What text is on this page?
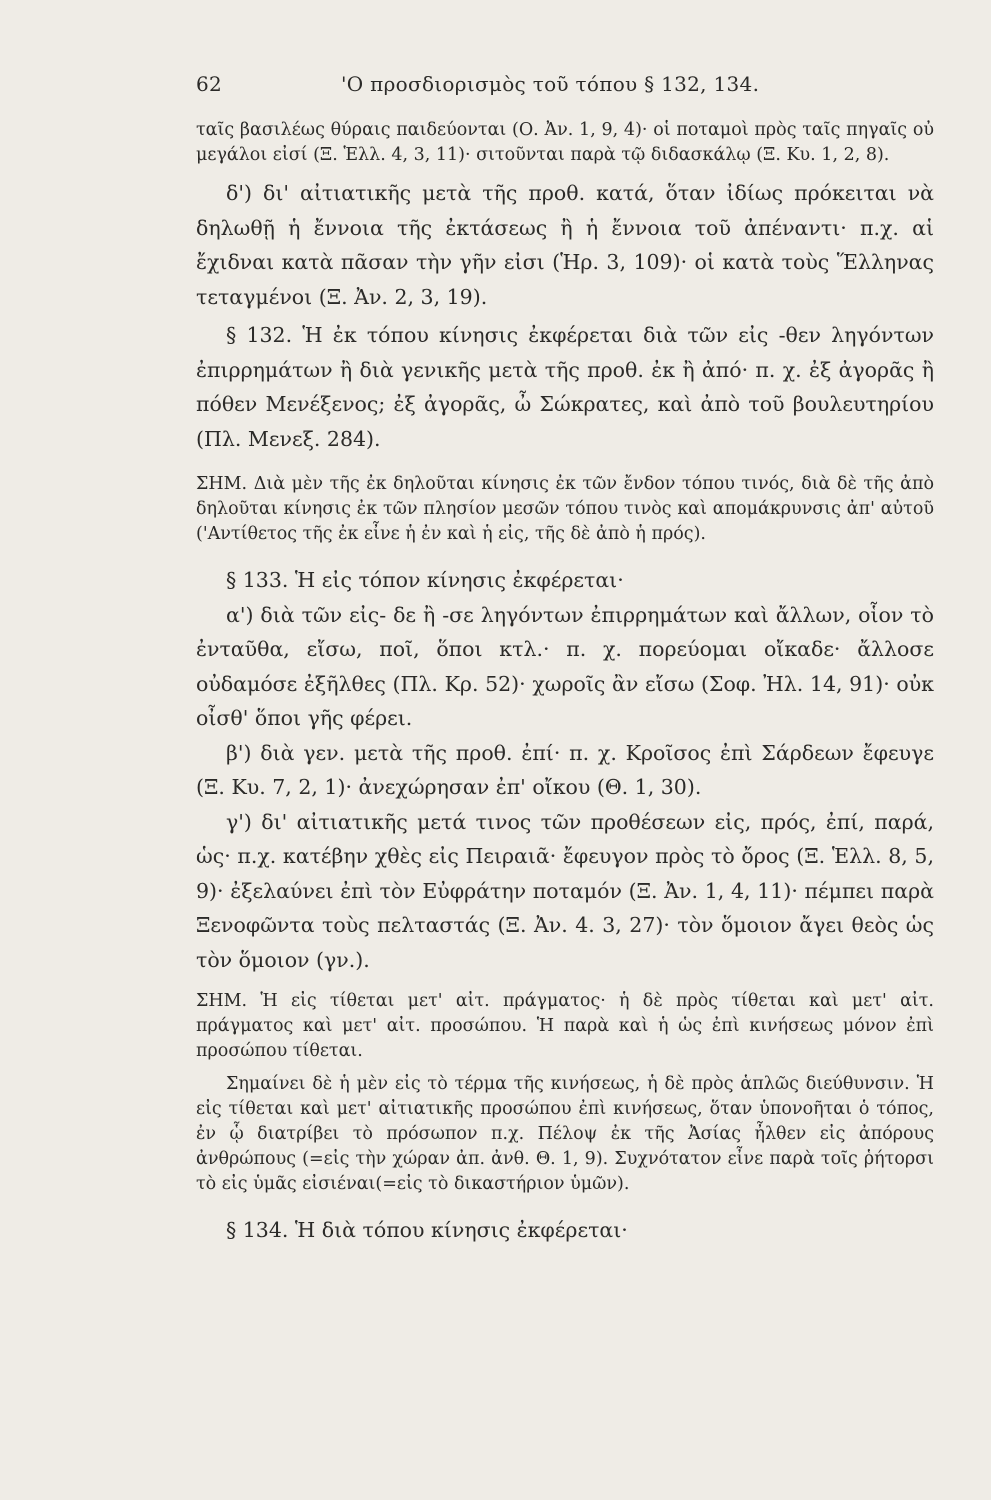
62	'Ο προσδιορισμὸς τοῦ τόπου § 132, 134.

ταῖς βασιλέως θύραις παιδεύονται (Ο. Ἀν. 1, 9, 4)· οἱ ποταμοὶ πρὸς ταῖς πηγαῖς οὐ μεγάλοι εἰσί (Ξ. Ἑλλ. 4, 3, 11)· σιτοῦνται παρὰ τῷ διδασκάλῳ (Ξ. Κυ. 1, 2, 8).

δ') δι' αἰτιατικῆς μετὰ τῆς προθ. κατά, ὅταν ἰδίως πρόκειται νὰ δηλωθῇ ἡ ἔννοια τῆς ἐκτάσεως ἢ ἡ ἔννοια τοῦ ἀπέναντι· π.χ. αἱ ἔχιδναι κατὰ πᾶσαν τὴν γῆν εἰσι (Ἡρ. 3, 109)· οἱ κατὰ τοὺς Ἕλληνας τεταγμένοι (Ξ. Ἀν. 2, 3, 19).

§ 132. Ἡ ἐκ τόπου κίνησις ἐκφέρεται διὰ τῶν εἰς -θεν ληγόντων ἐπιρρημάτων ἢ διὰ γενικῆς μετὰ τῆς προθ. ἐκ ἢ ἀπό· π. χ. ἐξ ἀγορᾶς ἢ πόθεν Μενέξενος; ἐξ ἀγορᾶς, ὦ Σώκρατες, καὶ ἀπὸ τοῦ βουλευτηρίου (Πλ. Μενεξ. 284).

ΣΗΜ. Διὰ μὲν τῆς ἐκ δηλοῦται κίνησις ἐκ τῶν ἔνδον τόπου τινός, διὰ δὲ τῆς ἀπὸ δηλοῦται κίνησις ἐκ τῶν πλησίον μεσῶν τόπου τινὸς καὶ απομάκρυνσις ἀπ' αὐτοῦ ('Αντίθετος τῆς ἐκ εἶνε ἡ ἐν καὶ ἡ εἰς, τῆς δὲ ἀπὸ ἡ πρός).

§ 133. Ἡ εἰς τόπον κίνησις ἐκφέρεται·

α') διὰ τῶν εἰς- δε ἢ -σε ληγόντων ἐπιρρημάτων καὶ ἄλλων, οἷον τὸ ἐνταῦθα, εἴσω, ποῖ, ὅποι κτλ.· π. χ. πορεύομαι οἴκαδε· ἄλλοσε οὐδαμόσε ἐξῆλθες (Πλ. Κρ. 52)· χωροῖς ἂν εἴσω (Σοφ. Ἠλ. 14, 91)· οὐκ οἶσθ' ὅποι γῆς φέρει.

β') διὰ γεν. μετὰ τῆς προθ. ἐπί· π. χ. Κροῖσος ἐπὶ Σάρδεων ἔφευγε (Ξ. Κυ. 7, 2, 1)· ἀνεχώρησαν ἐπ' οἴκου (Θ. 1, 30).

γ') δι' αἰτιατικῆς μετά τινος τῶν προθέσεων εἰς, πρός, ἐπί, παρά, ὡς· π.χ. κατέβην χθὲς εἰς Πειραιᾶ· ἔφευγον πρὸς τὸ ὄρος (Ξ. Ἑλλ. 8, 5, 9)· ἐξελαύνει ἐπὶ τὸν Εὐφράτην ποταμόν (Ξ. Ἀν. 1, 4, 11)· πέμπει παρὰ Ξενοφῶντα τοὺς πελταστάς (Ξ. Ἀν. 4. 3, 27)· τὸν ὅμοιον ἄγει θεὸς ὡς τὸν ὅμοιον (γν.).

ΣΗΜ. Ἡ εἰς τίθεται μετ' αἰτ. πράγματος· ἡ δὲ πρὸς τίθεται καὶ μετ' αἰτ. πράγματος καὶ μετ' αἰτ. προσώπου. Ἡ παρὰ καὶ ἡ ὡς ἐπὶ κινήσεως μόνον ἐπὶ προσώπου τίθεται.

Σημαίνει δὲ ἡ μὲν εἰς τὸ τέρμα τῆς κινήσεως, ἡ δὲ πρὸς ἁπλῶς διεύθυνσιν. Ἡ εἰς τίθεται καὶ μετ' αἰτιατικῆς προσώπου ἐπὶ κινήσεως, ὅταν ὑπονοῆται ὁ τόπος, ἐν ᾧ διατρίβει τὸ πρόσωπον π.χ. Πέλοψ ἐκ τῆς Ἀσίας ἦλθεν εἰς ἀπόρους ἀνθρώπους (=εἰς τὴν χώραν ἀπ. ἀνθ. Θ. 1, 9). Συχνότατον εἶνε παρὰ τοῖς ῥήτορσι τὸ εἰς ὑμᾶς εἰσιέναι(=εἰς τὸ δικαστήριον ὑμῶν).

§ 134. Ἡ διὰ τόπου κίνησις ἐκφέρεται·
